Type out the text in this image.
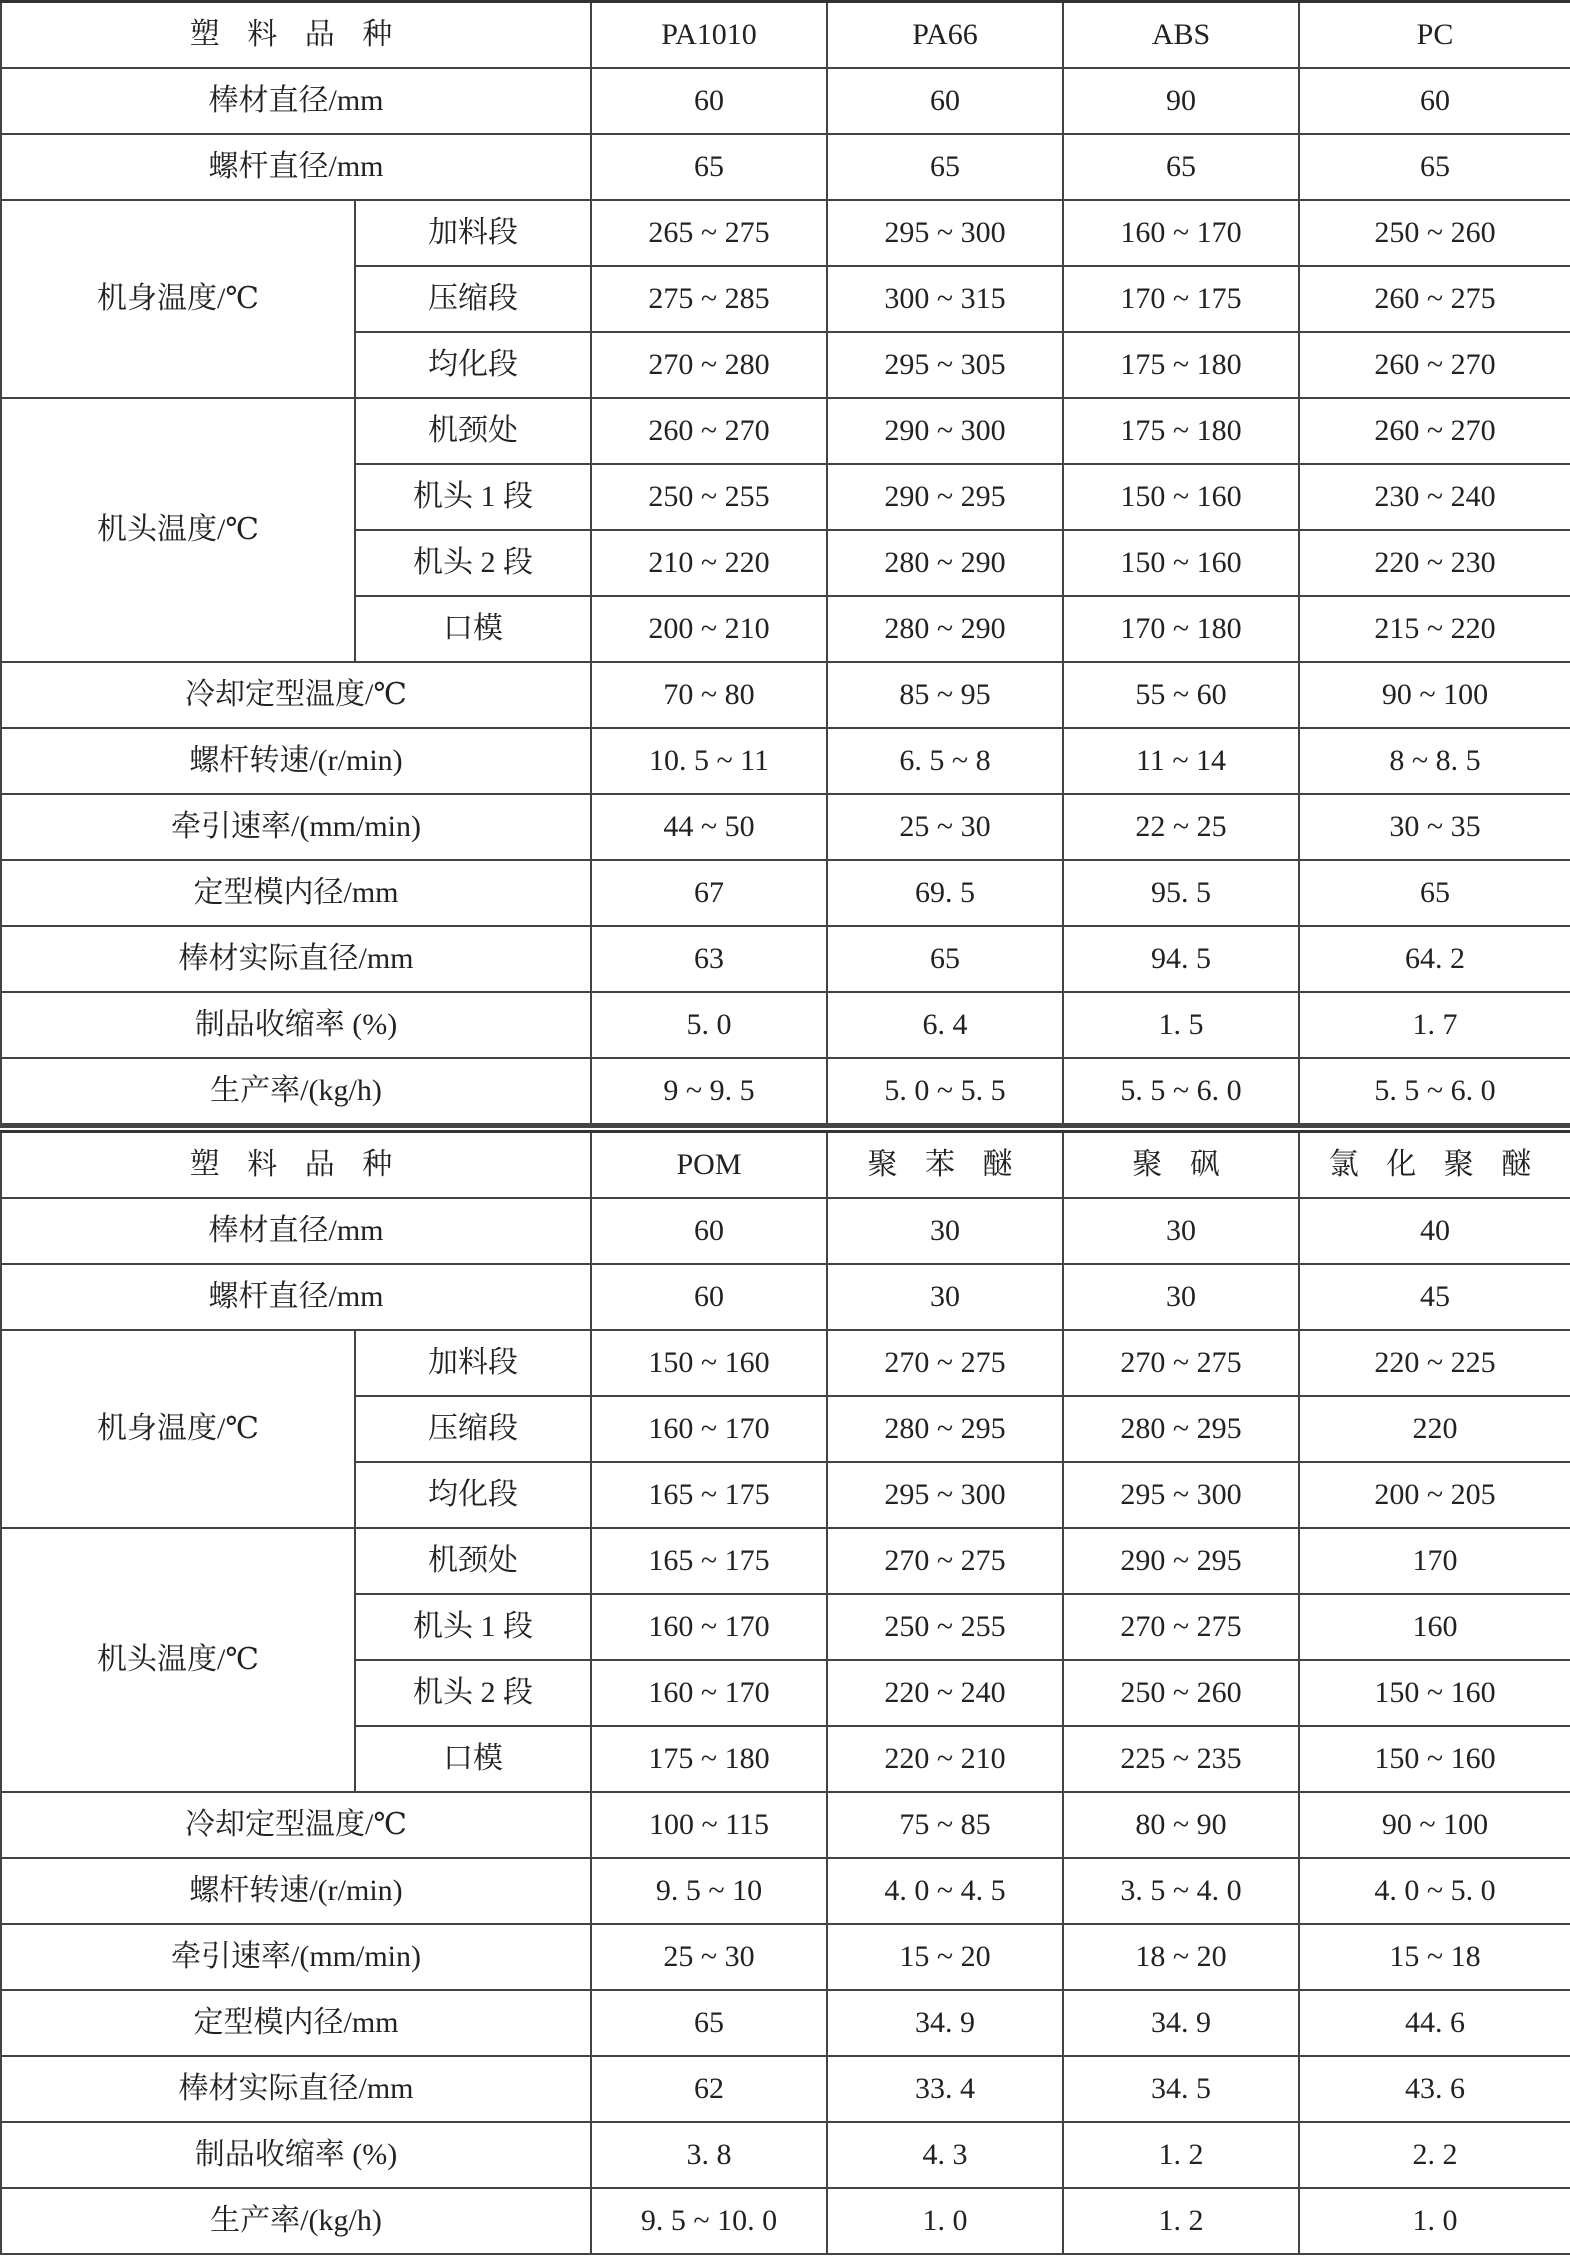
塑 料 品 种		PA1010	PA66	ABS	PC
棒材直径/mm		60	60	90	60
螺杆直径/mm		65	65	65	65
机身温度/℃	加料段	265 ~ 275	295 ~ 300	160 ~ 170	250 ~ 260
	压缩段	275 ~ 285	300 ~ 315	170 ~ 175	260 ~ 275
	均化段	270 ~ 280	295 ~ 305	175 ~ 180	260 ~ 270
机头温度/℃	机颈处	260 ~ 270	290 ~ 300	175 ~ 180	260 ~ 270
	机头 1 段	250 ~ 255	290 ~ 295	150 ~ 160	230 ~ 240
	机头 2 段	210 ~ 220	280 ~ 290	150 ~ 160	220 ~ 230
	口模	200 ~ 210	280 ~ 290	170 ~ 180	215 ~ 220
冷却定型温度/℃		70 ~ 80	85 ~ 95	55 ~ 60	90 ~ 100
螺杆转速/(r/min)		10. 5 ~ 11	6. 5 ~ 8	11 ~ 14	8 ~ 8. 5
牵引速率/(mm/min)		44 ~ 50	25 ~ 30	22 ~ 25	30 ~ 35
定型模内径/mm		67	69. 5	95. 5	65
棒材实际直径/mm		63	65	94. 5	64. 2
制品收缩率 (%)		5. 0	6. 4	1. 5	1. 7
生产率/(kg/h)		9 ~ 9. 5	5. 0 ~ 5. 5	5. 5 ~ 6. 0	5. 5 ~ 6. 0
塑 料 品 种		POM	聚 苯 醚	聚 砜	氯 化 聚 醚
棒材直径/mm		60	30	30	40
螺杆直径/mm		60	30	30	45
机身温度/℃	加料段	150 ~ 160	270 ~ 275	270 ~ 275	220 ~ 225
	压缩段	160 ~ 170	280 ~ 295	280 ~ 295	220
	均化段	165 ~ 175	295 ~ 300	295 ~ 300	200 ~ 205
机头温度/℃	机颈处	165 ~ 175	270 ~ 275	290 ~ 295	170
	机头 1 段	160 ~ 170	250 ~ 255	270 ~ 275	160
	机头 2 段	160 ~ 170	220 ~ 240	250 ~ 260	150 ~ 160
	口模	175 ~ 180	220 ~ 210	225 ~ 235	150 ~ 160
冷却定型温度/℃		100 ~ 115	75 ~ 85	80 ~ 90	90 ~ 100
螺杆转速/(r/min)		9. 5 ~ 10	4. 0 ~ 4. 5	3. 5 ~ 4. 0	4. 0 ~ 5. 0
牵引速率/(mm/min)		25 ~ 30	15 ~ 20	18 ~ 20	15 ~ 18
定型模内径/mm		65	34. 9	34. 9	44. 6
棒材实际直径/mm		62	33. 4	34. 5	43. 6
制品收缩率 (%)		3. 8	4. 3	1. 2	2. 2
生产率/(kg/h)		9. 5 ~ 10. 0	1. 0	1. 2	1. 0
